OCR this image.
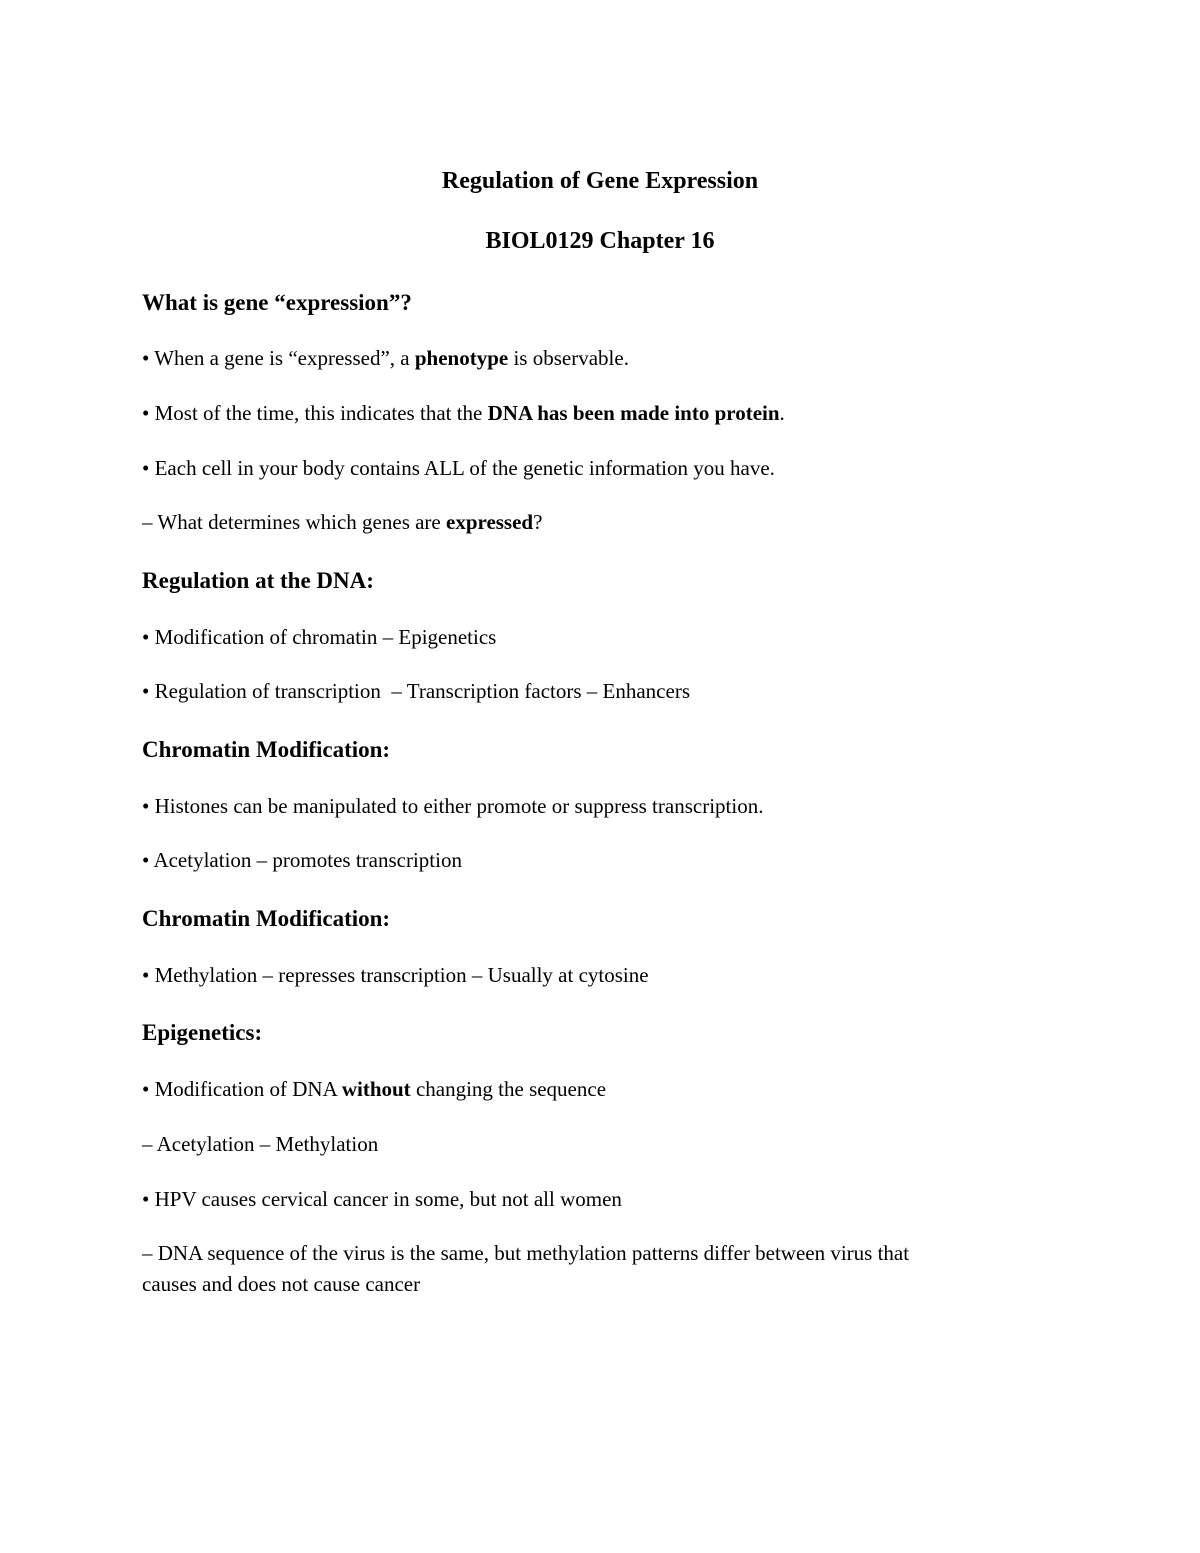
Regulation of Gene Expression
BIOL0129 Chapter 16
What is gene “expression”?
• When a gene is “expressed”, a phenotype is observable.
• Most of the time, this indicates that the DNA has been made into protein.
• Each cell in your body contains ALL of the genetic information you have.
– What determines which genes are expressed?
Regulation at the DNA:
• Modification of chromatin – Epigenetics
• Regulation of transcription  – Transcription factors – Enhancers
Chromatin Modification:
• Histones can be manipulated to either promote or suppress transcription.
• Acetylation – promotes transcription
Chromatin Modification:
• Methylation – represses transcription – Usually at cytosine
Epigenetics:
• Modification of DNA without changing the sequence
– Acetylation – Methylation
• HPV causes cervical cancer in some, but not all women
– DNA sequence of the virus is the same, but methylation patterns differ between virus that
causes and does not cause cancer
